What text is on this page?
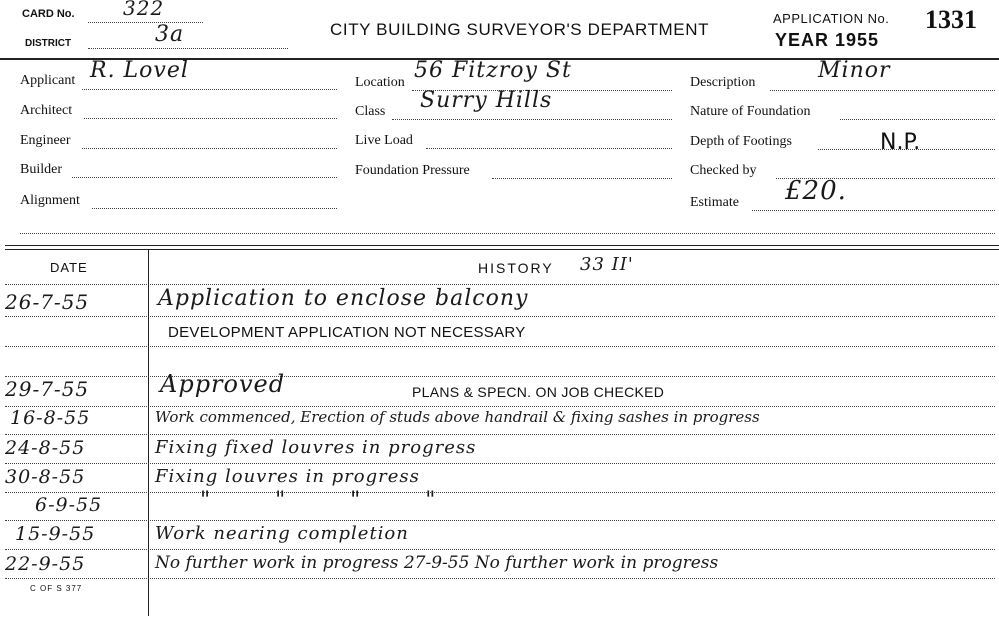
CARD No. 322
DISTRICT	3a	CITY BUILDING SURVEYOR'S DEPARTMENT
APPLICATION No. 1331
YEAR 1955
Applicant R. Lovel
Architect
Engineer
Builder
Alignment
Location 56 Fitzroy St
Class Surry Hills
Live Load
Foundation Pressure
Description	Minor
Nature of Foundation
Depth of Footings	N.P.
Checked by
Estimate £20.
DATE	HISTORY 33 II'
26-7-55	Application to enclose balcony
DEVELOPMENT APPLICATION NOT NECESSARY
29-7-55	Approved	PLANS & SPECN. ON JOB CHECKED
16-8-55	Work commenced, Erection of studs above handrail & fixing sashes in progress
24-8-55	Fixing fixed louvres in progress
30-8-55	Fixing louvres in progress
6-9-55	"        "        "        "
15-9-55	Work nearing completion
22-9-55	No further work in progress 27-9-55 No further work in progress
C OF S 377
